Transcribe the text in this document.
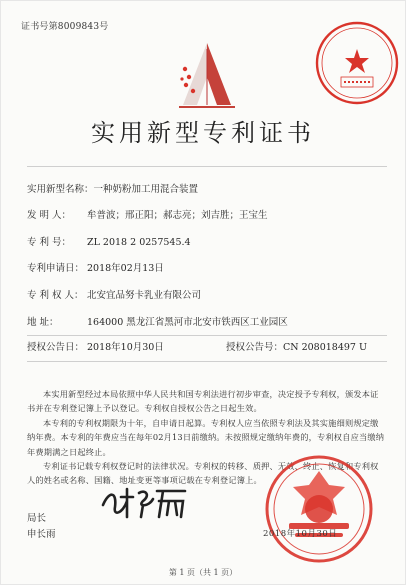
证书号第8009843号
实用新型专利证书
实用新型名称：一种奶粉加工用混合装置
发 明 人： 牟普波；邢正阳；郝志亮；刘吉胜；王宝生
专 利 号： ZL 2018 2 0257545.4
专利申请日： 2018年02月13日
专 利 权 人： 北安宜品努卡乳业有限公司
地 址：	164000 黑龙江省黑河市北安市铁西区工业园区
授权公告日： 2018年10月30日	授权公告号：CN 208018497 U

本实用新型经过本局依照中华人民共和国专利法进行初步审查，决定授予专利权，颁发本证书并在专利登记簿上予以登记。专利权自授权公告之日起生效。

本专利的专利权期限为十年，自申请日起算。专利权人应当依照专利法及其实施细则规定缴纳年费。本专利的年费应当在每年02月13日前缴纳。未按照规定缴纳年费的，专利权自应当缴纳年费期满之日起终止。

专利证书记载专利权登记时的法律状况。专利权的转移、质押、无效、终止、恢复和专利权人的姓名或名称、国籍、地址变更等事项记载在专利登记簿上。

局长
申长雨	2018年10月30日
第 1 页（共 1 页）
